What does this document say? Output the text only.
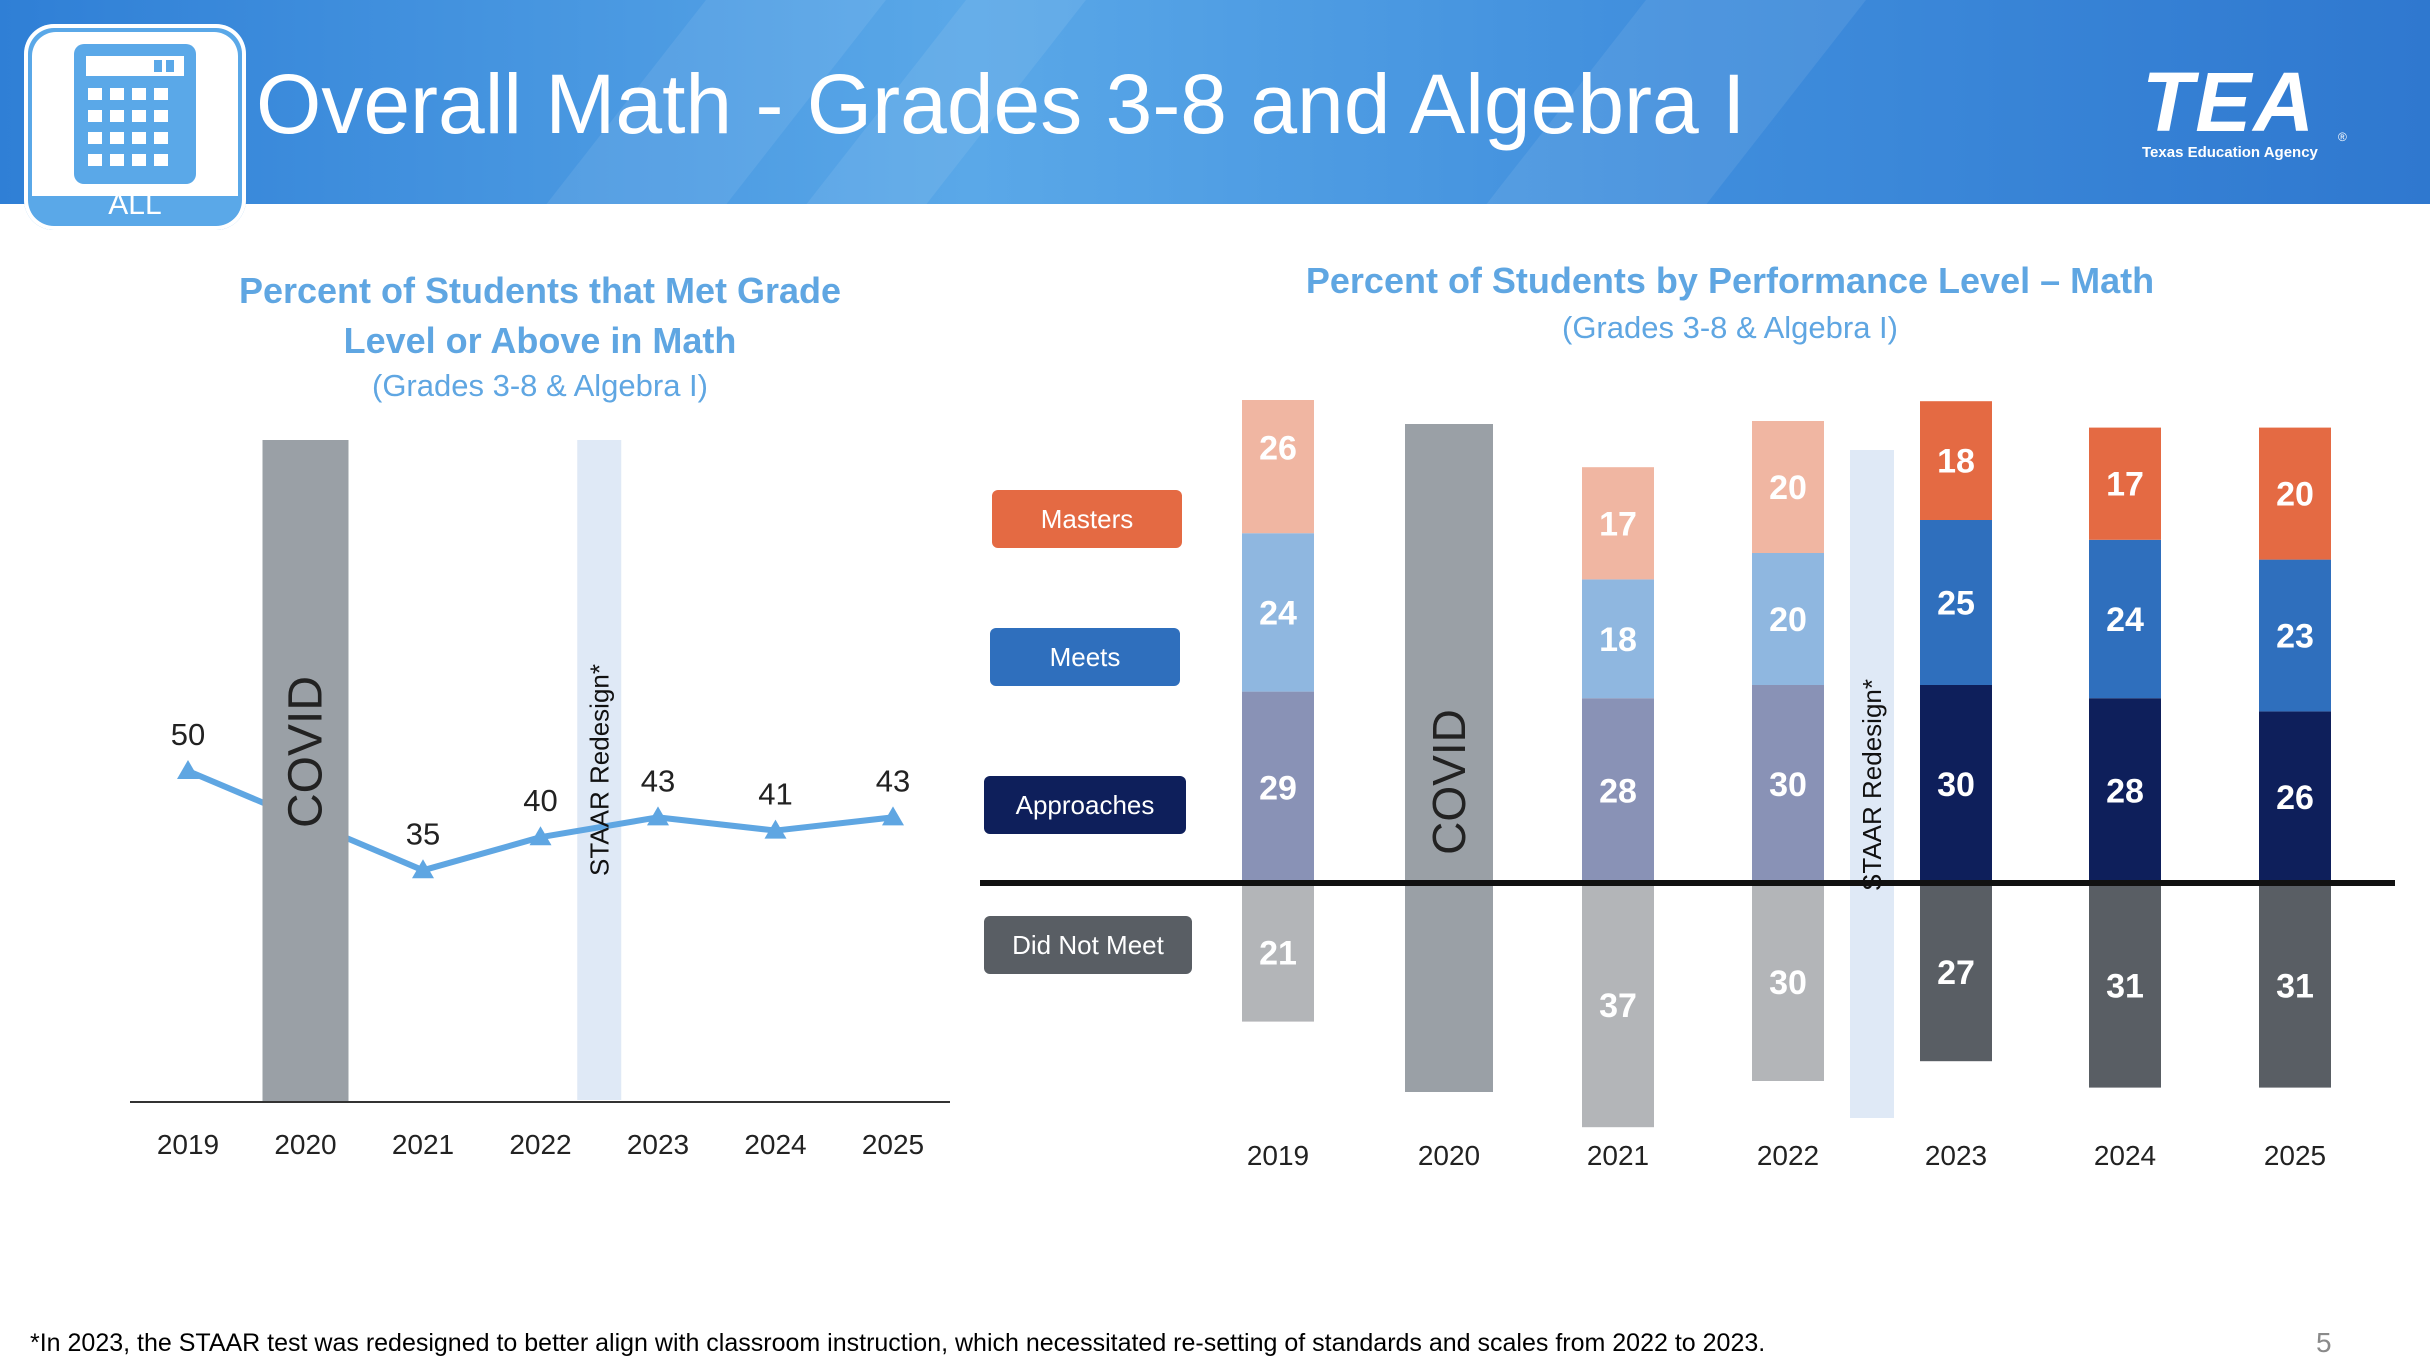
ALL
Overall Math - Grades 3-8 and Algebra I	TEA
Texas Education Agency
®
Percent of Students that Met Grade
Level or Above in Math
(Grades 3-8 & Algebra I)
Percent of Students by Performance Level – Math
(Grades 3-8 & Algebra I)
COVID	STAAR Redesign*
50
35
40
43	41	43
2019 2020 2021 2022 2023 2024 2025
21
29
24
26
37
28
18
17
30
30
20
20
27
30
25
18
31
28
24
17
31
26
23
20
COVID	STAAR Redesign*
Masters
Meets
Approaches
Did Not Meet
2019	2020	2021	2022	2023	2024	2025
*In 2023, the STAAR test was redesigned to better align with classroom instruction, which necessitated re-setting of standards and scales from 2022 to 2023.	5
